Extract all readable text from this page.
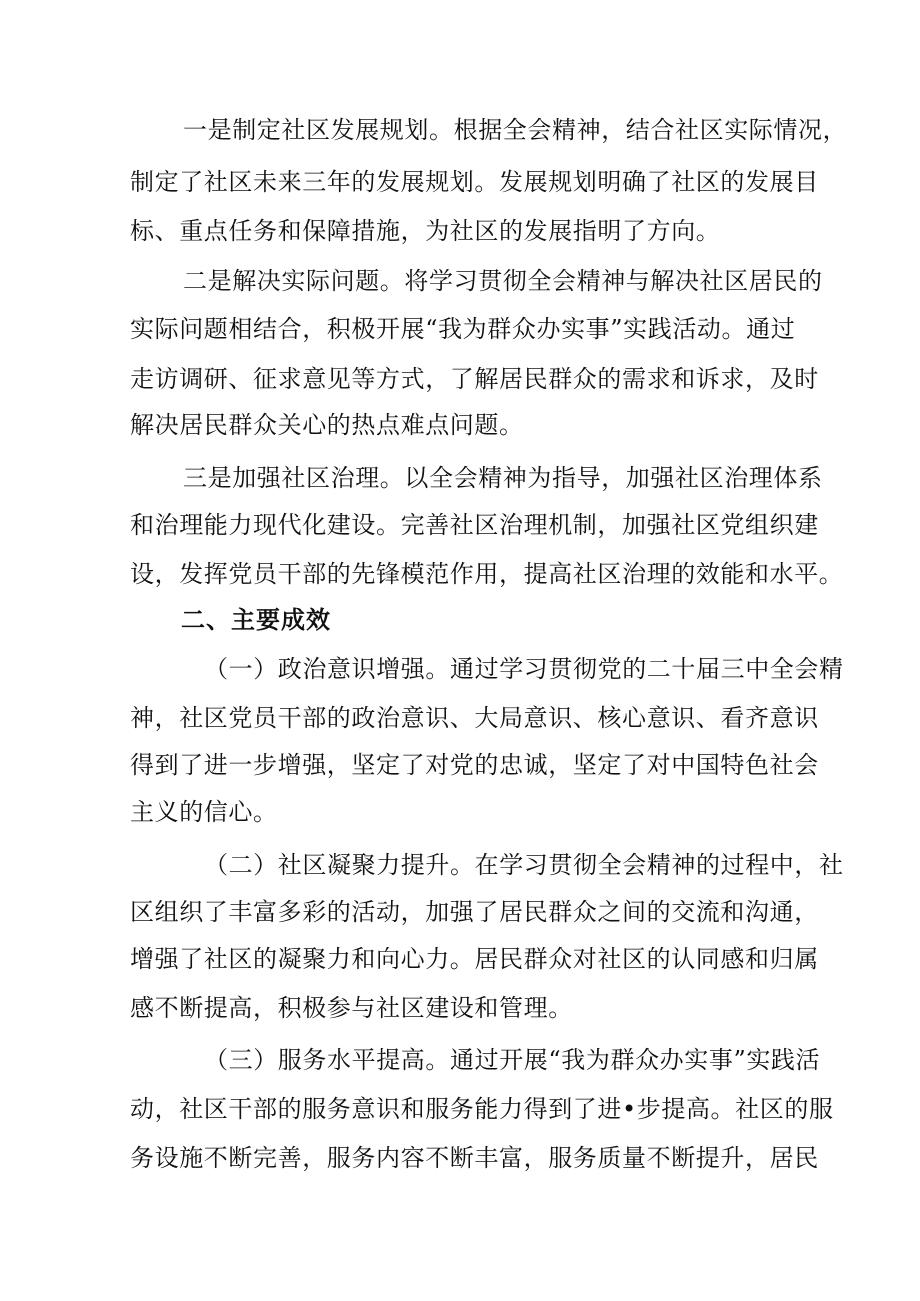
一是制定社区发展规划。根据全会精神，结合社区实际情况，

制定了社区未来三年的发展规划。发展规划明确了社区的发展目

标、重点任务和保障措施，为社区的发展指明了方向。

二是解决实际问题。将学习贯彻全会精神与解决社区居民的

实际问题相结合，积极开展“我为群众办实事”实践活动。通过

走访调研、征求意见等方式，了解居民群众的需求和诉求，及时

解决居民群众关心的热点难点问题。

三是加强社区治理。以全会精神为指导，加强社区治理体系

和治理能力现代化建设。完善社区治理机制，加强社区党组织建

设，发挥党员干部的先锋模范作用，提高社区治理的效能和水平。

二、主要成效

（一）政治意识增强。通过学习贯彻党的二十届三中全会精

神，社区党员干部的政治意识、大局意识、核心意识、看齐意识

得到了进一步增强，坚定了对党的忠诚，坚定了对中国特色社会

主义的信心。

（二）社区凝聚力提升。在学习贯彻全会精神的过程中，社

区组织了丰富多彩的活动，加强了居民群众之间的交流和沟通，

增强了社区的凝聚力和向心力。居民群众对社区的认同感和归属

感不断提高，积极参与社区建设和管理。

（三）服务水平提高。通过开展“我为群众办实事”实践活

动，社区干部的服务意识和服务能力得到了进•步提高。社区的服

务设施不断完善，服务内容不断丰富，服务质量不断提升，居民
